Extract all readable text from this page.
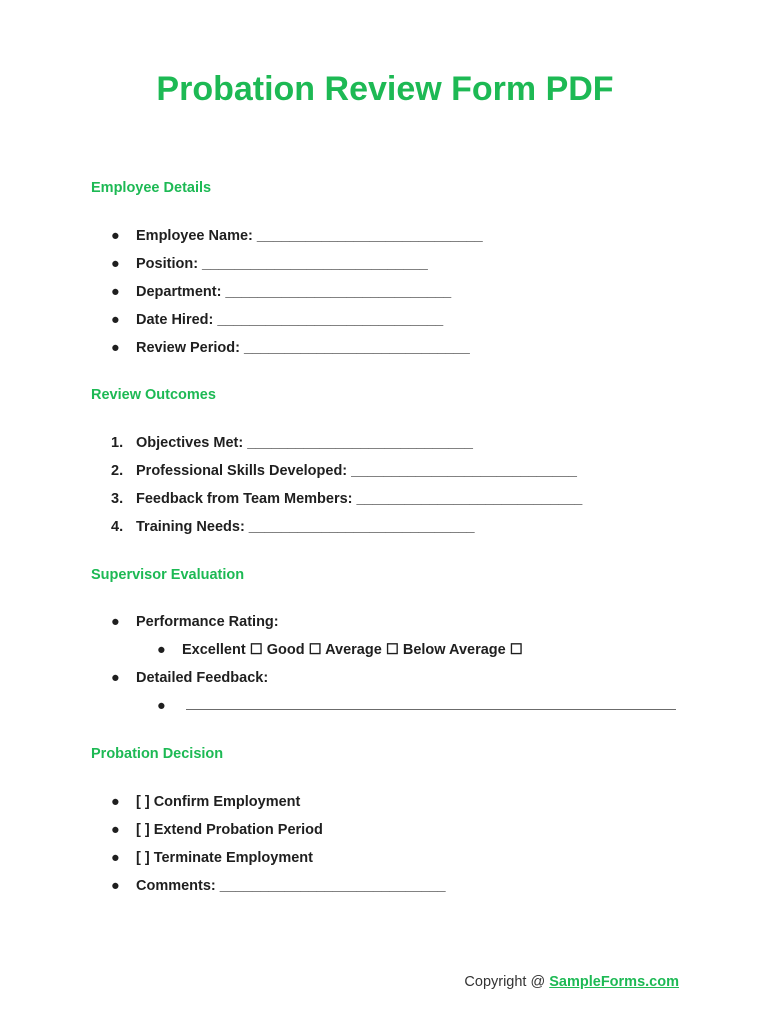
Probation Review Form PDF

Employee Details

● Employee Name: ____________________________

● Position: ____________________________

● Department: ____________________________

● Date Hired: ____________________________

● Review Period: ____________________________

Review Outcomes

1. Objectives Met: ____________________________

2. Professional Skills Developed: ____________________________

3. Feedback from Team Members: ____________________________

4. Training Needs: ____________________________

Supervisor Evaluation

● Performance Rating:

● Excellent ☐ Good ☐ Average ☐ Below Average ☐

● Detailed Feedback:

●

Probation Decision

● [ ] Confirm Employment

● [ ] Extend Probation Period

● [ ] Terminate Employment

● Comments: ____________________________

Copyright @ SampleForms.com
